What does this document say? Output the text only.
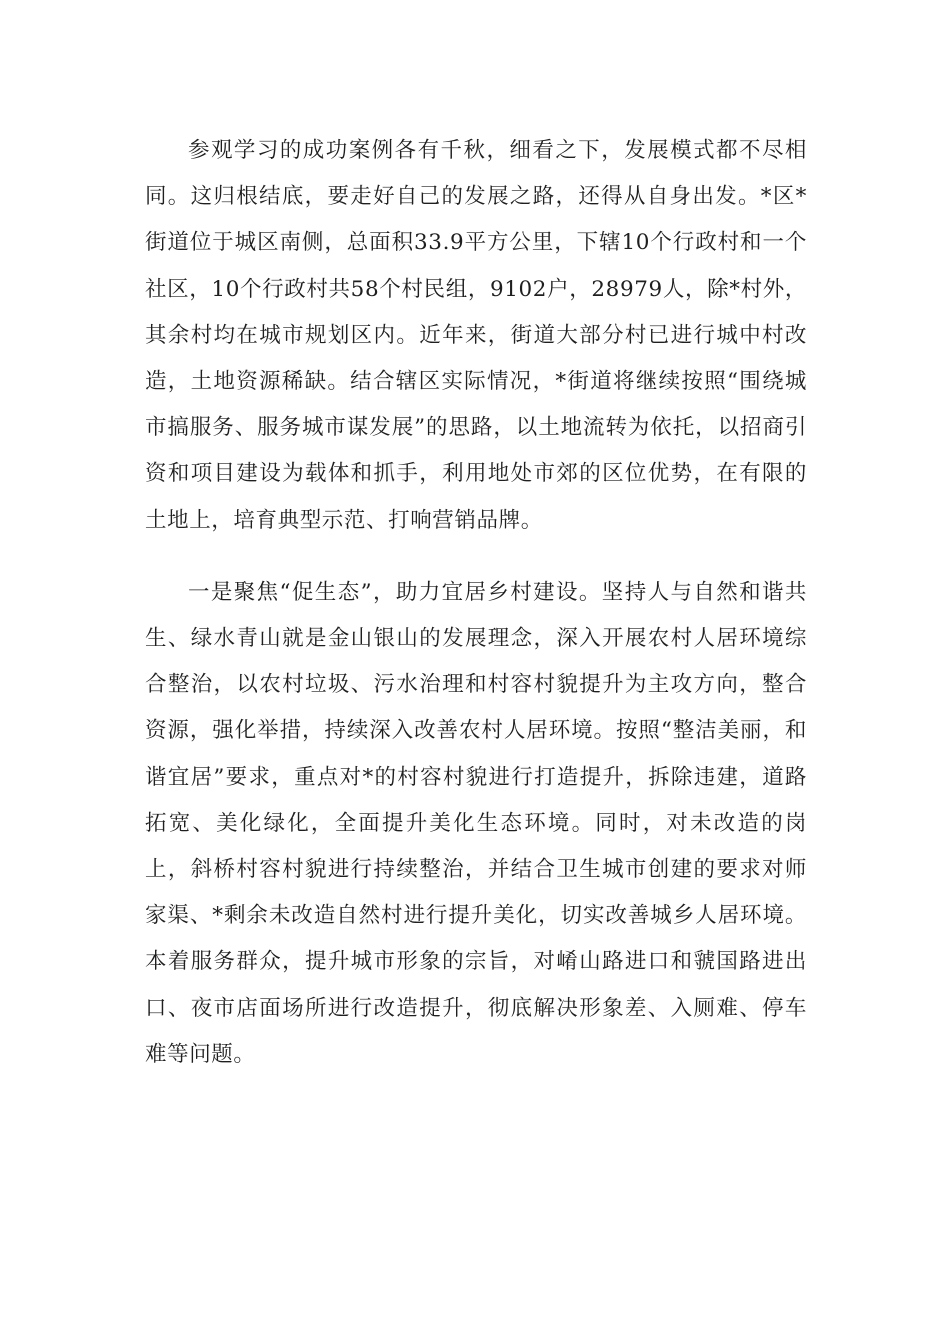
参观学习的成功案例各有千秋，细看之下，发展模式都不尽相同。这归根结底，要走好自己的发展之路，还得从自身出发。*区*街道位于城区南侧，总面积33.9平方公里，下辖10个行政村和一个社区，10个行政村共58个村民组，9102户，28979人，除*村外，其余村均在城市规划区内。近年来，街道大部分村已进行城中村改造，土地资源稀缺。结合辖区实际情况，*街道将继续按照“围绕城市搞服务、服务城市谋发展”的思路，以土地流转为依托，以招商引资和项目建设为载体和抓手，利用地处市郊的区位优势，在有限的土地上，培育典型示范、打响营销品牌。

一是聚焦“促生态”，助力宜居乡村建设。坚持人与自然和谐共生、绿水青山就是金山银山的发展理念，深入开展农村人居环境综合整治，以农村垃圾、污水治理和村容村貌提升为主攻方向，整合资源，强化举措，持续深入改善农村人居环境。按照“整洁美丽，和谐宜居”要求，重点对*的村容村貌进行打造提升，拆除违建，道路拓宽、美化绿化，全面提升美化生态环境。同时，对未改造的岗上，斜桥村容村貌进行持续整治，并结合卫生城市创建的要求对师家渠、*剩余未改造自然村进行提升美化，切实改善城乡人居环境。本着服务群众，提升城市形象的宗旨，对崤山路进口和虢国路进出口、夜市店面场所进行改造提升，彻底解决形象差、入厕难、停车难等问题。
